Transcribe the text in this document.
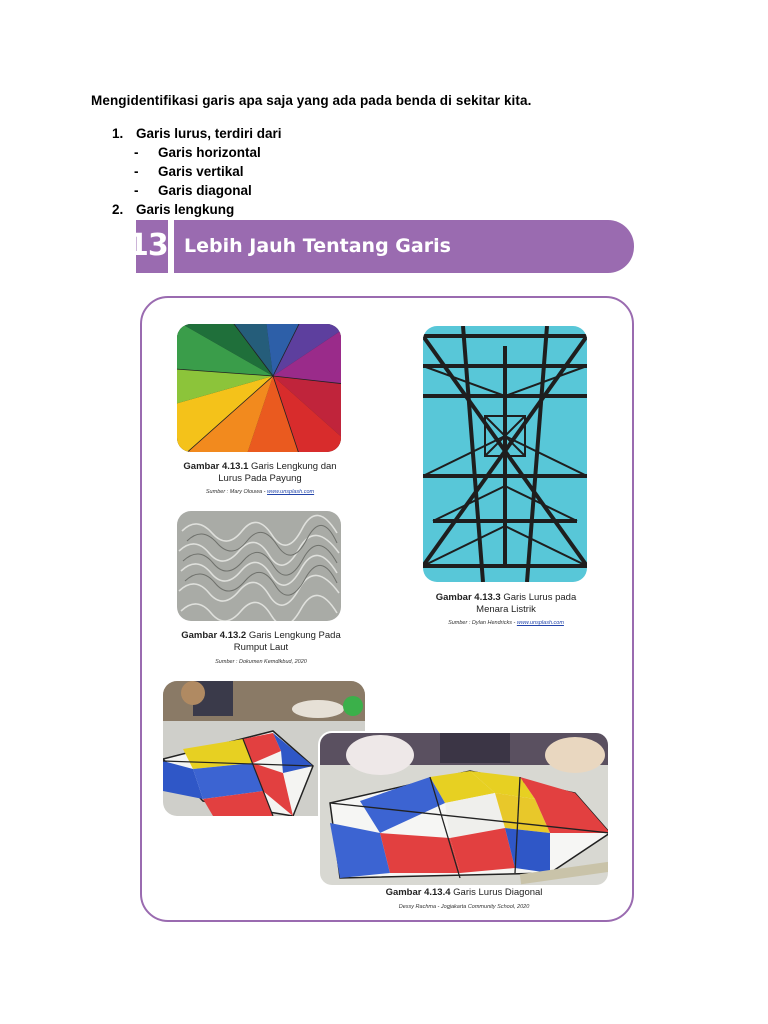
Mengidentifikasi garis apa saja yang ada pada benda di sekitar kita.
1. Garis lurus, terdiri dari
- Garis horizontal
- Garis vertikal
- Garis diagonal
2. Garis lengkung
13 Lebih Jauh Tentang Garis
Gambar 4.13.1 Garis Lengkung dan Lurus Pada Payung
Sumber : Mary Olouwa - www.unsplash.com
Gambar 4.13.2 Garis Lengkung Pada Rumput Laut
Sumber : Dokumen Kemdikbud, 2020
Gambar 4.13.3 Garis Lurus pada Menara Listrik
Sumber : Dylan Hendricks - www.unsplash.com
Gambar 4.13.4 Garis Lurus Diagonal
Dessy Rachma - Jogjakarta Community School, 2020
